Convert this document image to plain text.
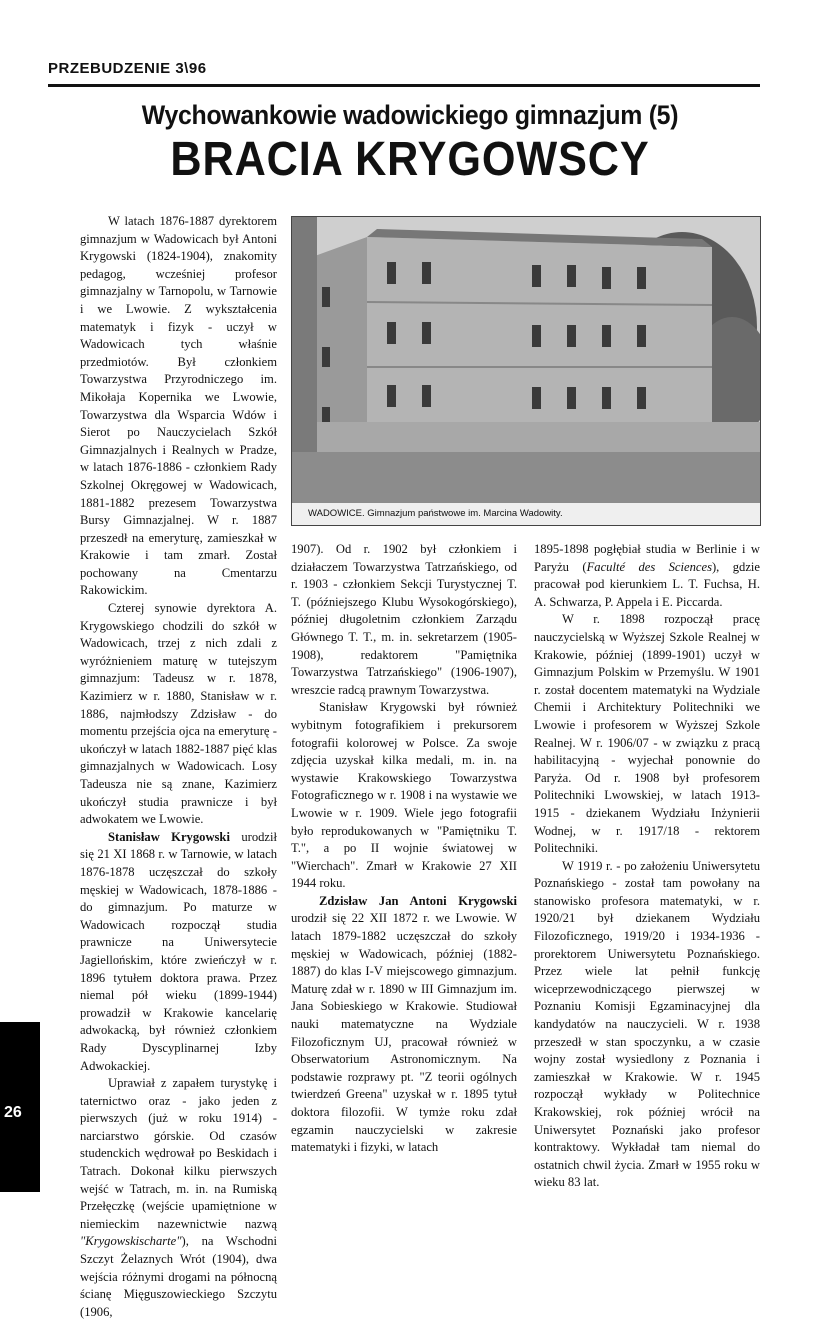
PRZEBUDZENIE 3\96
Wychowankowie wadowickiego gimnazjum (5)
BRACIA KRYGOWSCY

W latach 1876-1887 dyrektorem gimnazjum w Wadowicach był Antoni Krygowski (1824-1904), znakomity pedagog, wcześniej profesor gimnazjalny w Tarnopolu, w Tarnowie i we Lwowie. Z wykształcenia matematyk i fizyk - uczył w Wadowicach tych właśnie przedmiotów. Był członkiem Towarzystwa Przyrodniczego im. Mikołaja Kopernika we Lwowie, Towarzystwa dla Wsparcia Wdów i Sierot po Nauczycielach Szkół Gimnazjalnych i Realnych w Pradze, w latach 1876-1886 - członkiem Rady Szkolnej Okręgowej w Wadowicach, 1881-1882 prezesem Towarzystwa Bursy Gimnazjalnej. W r. 1887 przeszedł na emeryturę, zamieszkał w Krakowie i tam zmarł. Został pochowany na Cmentarzu Rakowickim.

Czterej synowie dyrektora A. Krygowskiego chodzili do szkół w Wadowicach, trzej z nich zdali z wyróżnieniem maturę w tutejszym gimnazjum: Tadeusz w r. 1878, Kazimierz w r. 1880, Stanisław w r. 1886, najmłodszy Zdzisław - do momentu przejścia ojca na emeryturę - ukończył w latach 1882-1887 pięć klas gimnazjalnych w Wadowicach. Losy Tadeusza nie są znane, Kazimierz ukończył studia prawnicze i był adwokatem we Lwowie.

Stanisław Krygowski urodził się 21 XI 1868 r. w Tarnowie, w latach 1876-1878 uczęszczał do szkoły męskiej w Wadowicach, 1878-1886 - do gimnazjum. Po maturze w Wadowicach rozpoczął studia prawnicze na Uniwersytecie Jagiellońskim, które zwieńczył w r. 1896 tytułem doktora prawa. Przez niemal pół wieku (1899-1944) prowadził w Krakowie kancelarię adwokacką, był również członkiem Rady Dyscyplinarnej Izby Adwokackiej.

Uprawiał z zapałem turystykę i taternictwo oraz - jako jeden z pierwszych (już w roku 1914) - narciarstwo górskie. Od czasów studenckich wędrował po Beskidach i Tatrach. Dokonał kilku pierwszych wejść w Tatrach, m. in. na Rumiską Przełęczkę (wejście upamiętnione w niemieckim nazewnictwie nazwą "Krygowskischarte"), na Wschodni Szczyt Żelaznych Wrót (1904), dwa wejścia różnymi drogami na północną ścianę Mięguszowieckiego Szczytu (1906,

WADOWICE. Gimnazjum państwowe im. Marcina Wadowity.

1907). Od r. 1902 był członkiem i działaczem Towarzystwa Tatrzańskiego, od r. 1903 - członkiem Sekcji Turystycznej T. T. (późniejszego Klubu Wysokogórskiego), później długoletnim członkiem Zarządu Głównego T. T., m. in. sekretarzem (1905-1908), redaktorem "Pamiętnika Towarzystwa Tatrzańskiego" (1906-1907), wreszcie radcą prawnym Towarzystwa.

Stanisław Krygowski był również wybitnym fotografikiem i prekursorem fotografii kolorowej w Polsce. Za swoje zdjęcia uzyskał kilka medali, m. in. na wystawie Krakowskiego Towarzystwa Fotograficznego w r. 1908 i na wystawie we Lwowie w r. 1909. Wiele jego fotografii było reprodukowanych w "Pamiętniku T. T.", a po II wojnie światowej w "Wierchach". Zmarł w Krakowie 27 XII 1944 roku.

Zdzisław Jan Antoni Krygowski urodził się 22 XII 1872 r. we Lwowie. W latach 1879-1882 uczęszczał do szkoły męskiej w Wadowicach, później (1882-1887) do klas I-V miejscowego gimnazjum. Maturę zdał w r. 1890 w III Gimnazjum im. Jana Sobieskiego w Krakowie. Studiował nauki matematyczne na Wydziale Filozoficznym UJ, pracował również w Obserwatorium Astronomicznym. Na podstawie rozprawy pt. "Z teorii ogólnych twierdzeń Greena" uzyskał w r. 1895 tytuł doktora filozofii. W tymże roku zdał egzamin nauczycielski w zakresie matematyki i fizyki, w latach

1895-1898 pogłębiał studia w Berlinie i w Paryżu (Faculté des Sciences), gdzie pracował pod kierunkiem L. T. Fuchsa, H. A. Schwarza, P. Appela i E. Piccarda.

W r. 1898 rozpoczął pracę nauczycielską w Wyższej Szkole Realnej w Krakowie, później (1899-1901) uczył w Gimnazjum Polskim w Przemyślu. W 1901 r. został docentem matematyki na Wydziale Chemii i Architektury Politechniki we Lwowie i profesorem w Wyższej Szkole Realnej. W r. 1906/07 - w związku z pracą habilitacyjną - wyjechał ponownie do Paryża. Od r. 1908 był profesorem Politechniki Lwowskiej, w latach 1913-1915 - dziekanem Wydziału Inżynierii Wodnej, w r. 1917/18 - rektorem Politechniki.

W 1919 r. - po założeniu Uniwersytetu Poznańskiego - został tam powołany na stanowisko profesora matematyki, w r. 1920/21 był dziekanem Wydziału Filozoficznego, 1919/20 i 1934-1936 - prorektorem Uniwersytetu Poznańskiego. Przez wiele lat pełnił funkcję wiceprzewodniczącego pierwszej w Poznaniu Komisji Egzaminacyjnej dla kandydatów na nauczycieli. W r. 1938 przeszedł w stan spoczynku, a w czasie wojny został wysiedlony z Poznania i zamieszkał w Krakowie. W r. 1945 rozpoczął wykłady w Politechnice Krakowskiej, rok później wrócił na Uniwersytet Poznański jako profesor kontraktowy. Wykładał tam niemal do ostatnich chwil życia. Zmarł w 1955 roku w wieku 83 lat.

26
